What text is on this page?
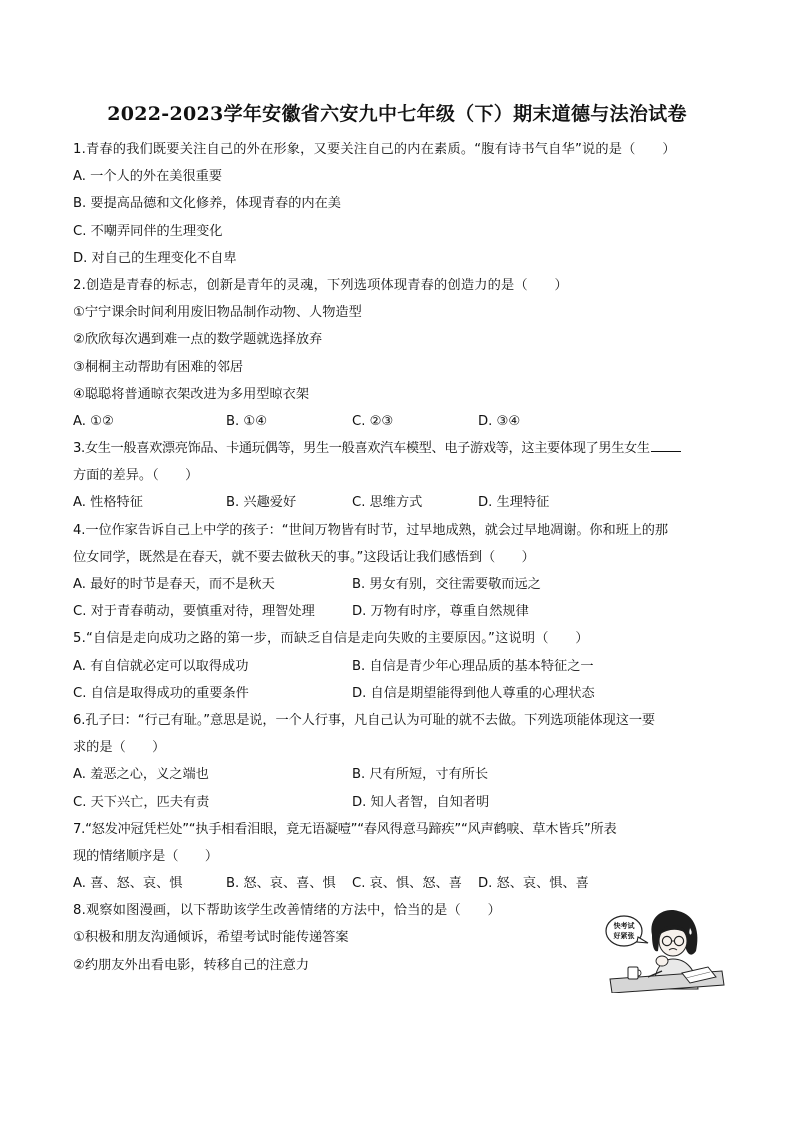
2022-2023学年安徽省六安九中七年级（下）期末道德与法治试卷
1.青春的我们既要关注自己的外在形象，又要关注自己的内在素质。“腹有诗书气自华”说的是（　　）
A. 一个人的外在美很重要
B. 要提高品德和文化修养，体现青春的内在美
C. 不嘲弄同伴的生理变化
D. 对自己的生理变化不自卑
2.创造是青春的标志，创新是青年的灵魂，下列选项体现青春的创造力的是（　　）
①宁宁课余时间利用废旧物品制作动物、人物造型
②欣欣每次遇到难一点的数学题就选择放弃
③桐桐主动帮助有困难的邻居
④聪聪将普通晾衣架改进为多用型晾衣架
A. ①②	B. ①④	C. ②③	D. ③④
3.女生一般喜欢漂亮饰品、卡通玩偶等，男生一般喜欢汽车模型、电子游戏等，这主要体现了男生女生
方面的差异。（　　）
A. 性格特征	B. 兴趣爱好	C. 思维方式	D. 生理特征
4.一位作家告诉自己上中学的孩子：“世间万物皆有时节，过早地成熟，就会过早地凋谢。你和班上的那
位女同学，既然是在春天，就不要去做秋天的事。”这段话让我们感悟到（　　）
A. 最好的时节是春天，而不是秋天	B. 男女有别，交往需要敬而远之
C. 对于青春萌动，要慎重对待，理智处理	D. 万物有时序，尊重自然规律
5.“自信是走向成功之路的第一步，而缺乏自信是走向失败的主要原因。”这说明（　　）
A. 有自信就必定可以取得成功	B. 自信是青少年心理品质的基本特征之一
C. 自信是取得成功的重要条件	D. 自信是期望能得到他人尊重的心理状态
6.孔子曰：“行己有耻。”意思是说，一个人行事，凡自己认为可耻的就不去做。下列选项能体现这一要
求的是（　　）
A. 羞恶之心，义之端也	B. 尺有所短，寸有所长
C. 天下兴亡，匹夫有责	D. 知人者智，自知者明
7.“怒发冲冠凭栏处”“执手相看泪眼，竟无语凝噎”“春风得意马蹄疾”“风声鹤唳、草木皆兵”所表
现的情绪顺序是（　　）
A. 喜、怒、哀、惧	B. 怒、哀、喜、惧 C. 哀、惧、怒、喜 D. 怒、哀、惧、喜
8.观察如图漫画，以下帮助该学生改善情绪的方法中，恰当的是（　　）
①积极和朋友沟通倾诉，希望考试时能传递答案
②约朋友外出看电影，转移自己的注意力
快考试
好紧张
